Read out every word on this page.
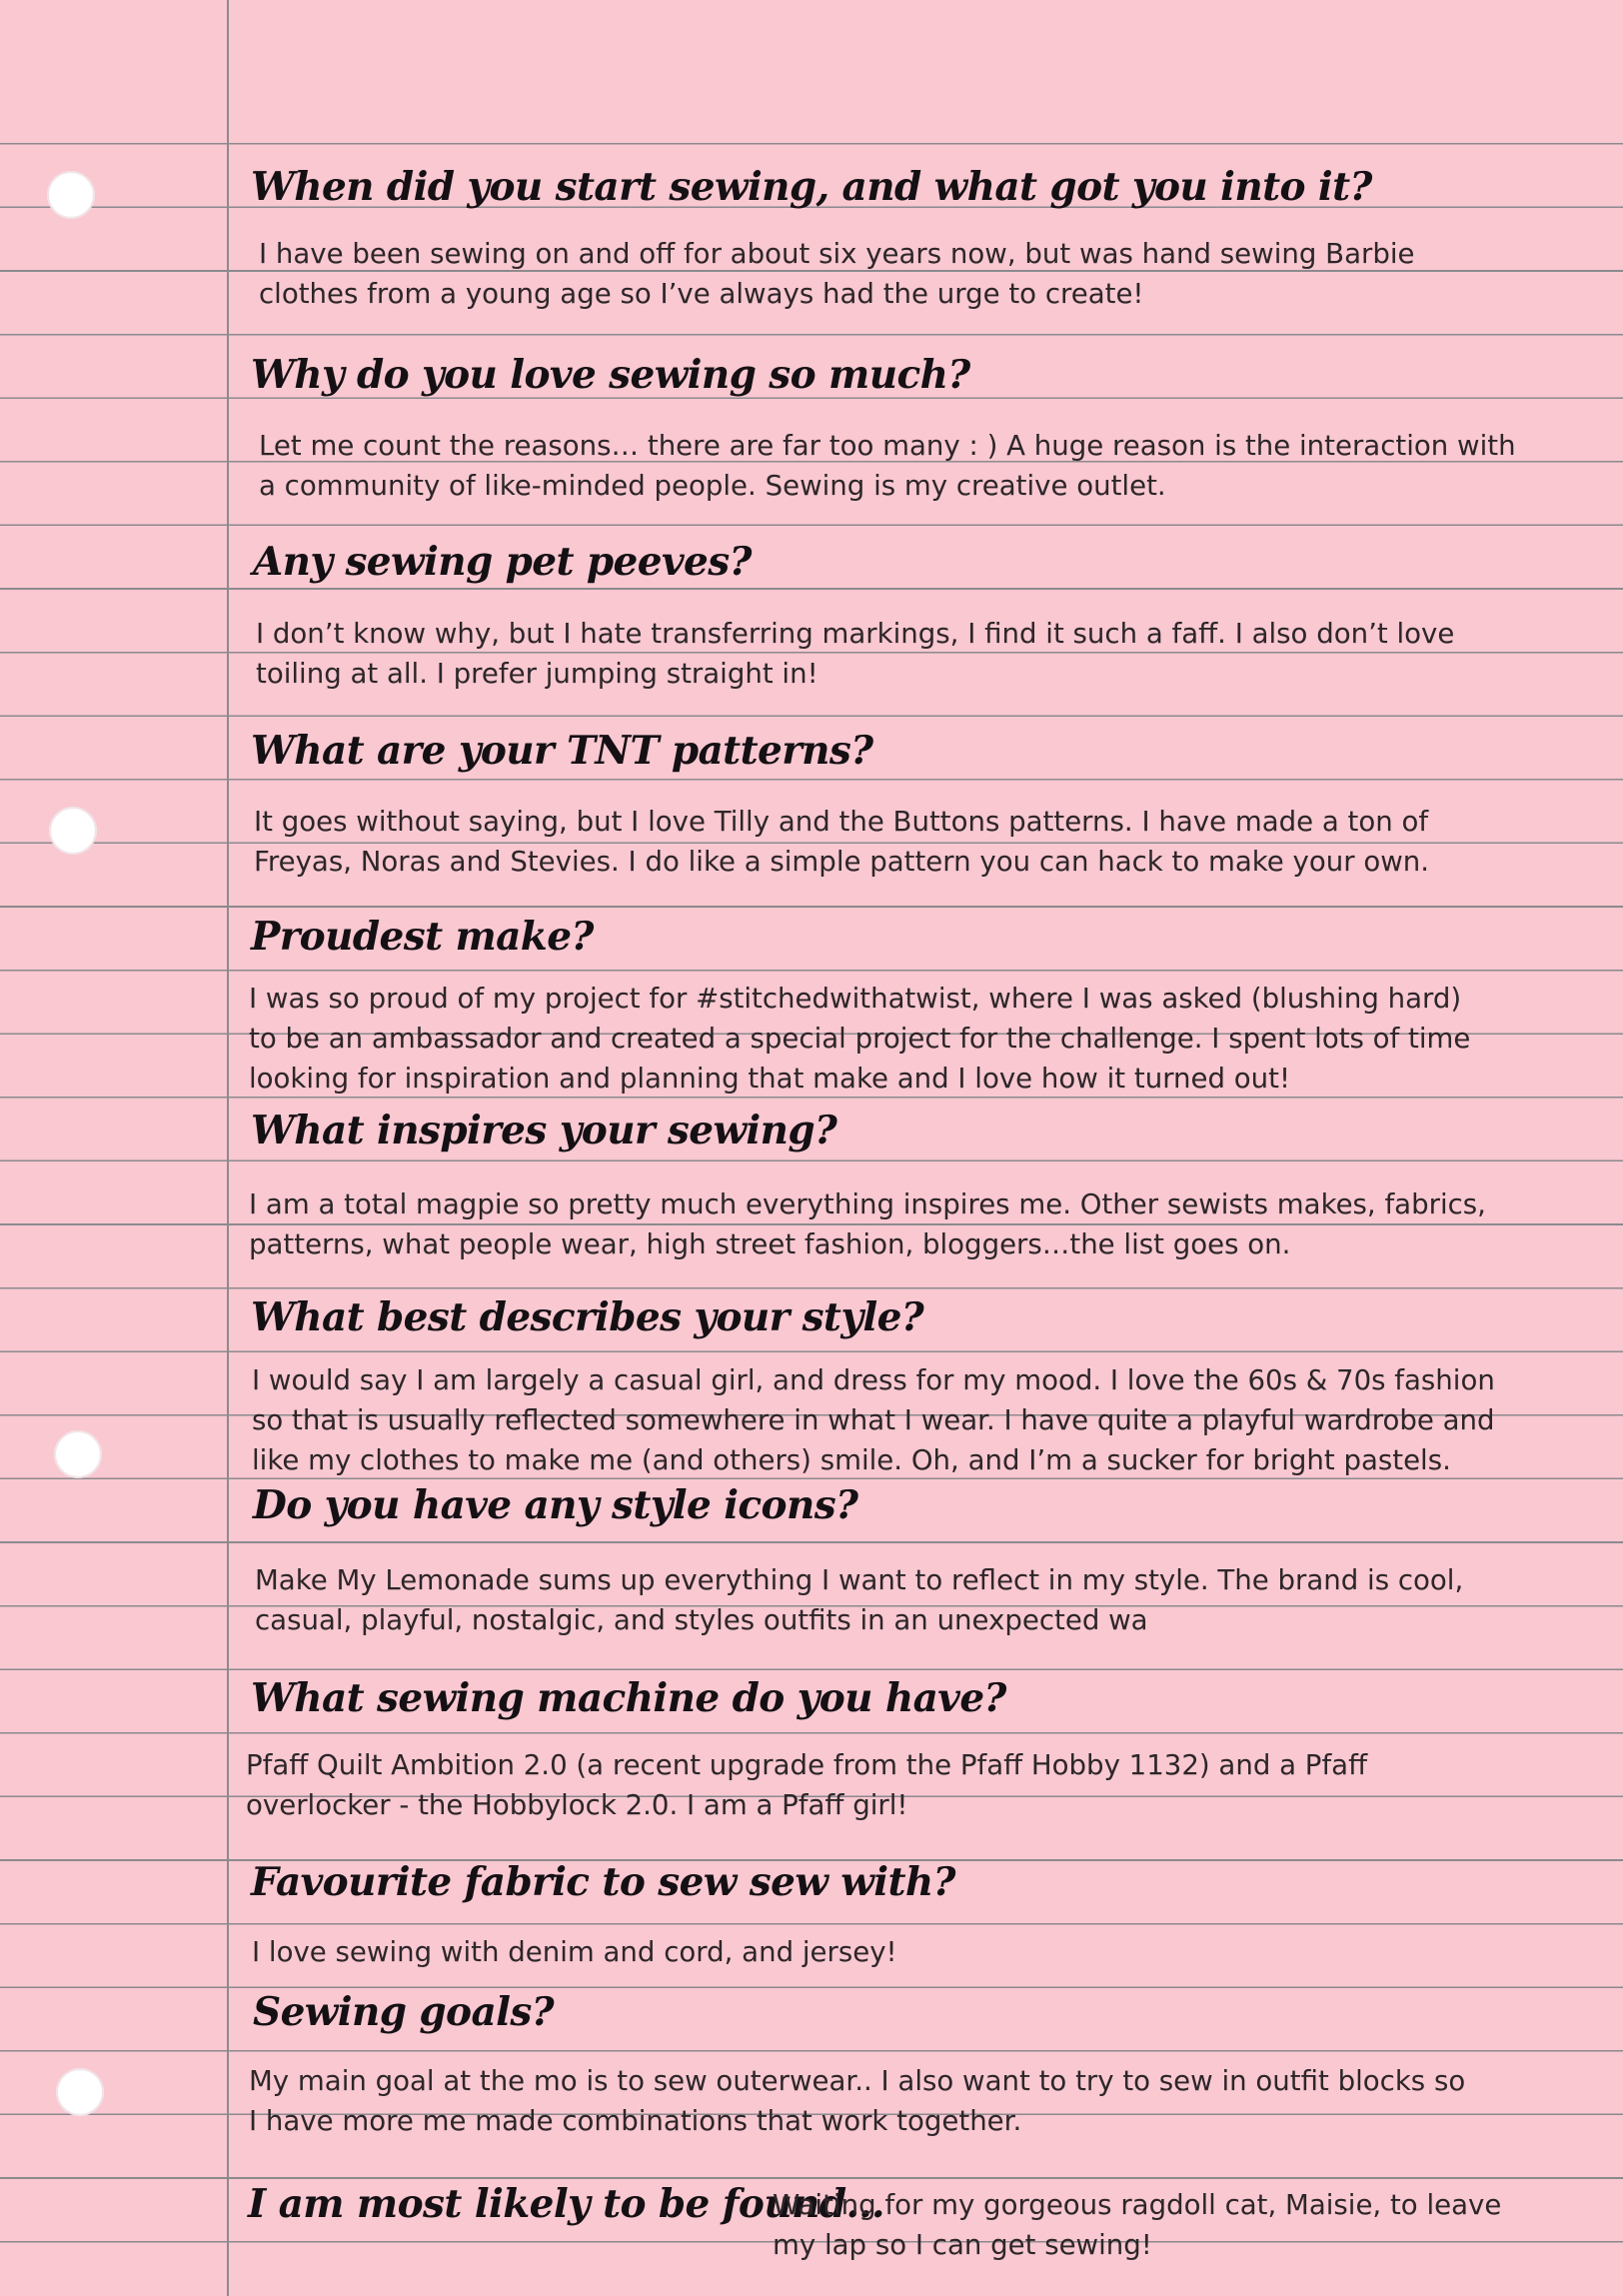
When did you start sewing, and what got you into it?

I have been sewing on and off for about six years now, but was hand sewing Barbie
clothes from a young age so I’ve always had the urge to create!

Why do you love sewing so much?

Let me count the reasons… there are far too many : ) A huge reason is the interaction with
a community of like-minded people. Sewing is my creative outlet.

Any sewing pet peeves?

I don’t know why, but I hate transferring markings, I find it such a faff. I also don’t love
toiling at all. I prefer jumping straight in!

What are your TNT patterns?

It goes without saying, but I love Tilly and the Buttons patterns. I have made a ton of
Freyas, Noras and Stevies. I do like a simple pattern you can hack to make your own.

Proudest make?

I was so proud of my project for #stitchedwithatwist, where I was asked (blushing hard)
to be an ambassador and created a special project for the challenge. I spent lots of time
looking for inspiration and planning that make and I love how it turned out!

What inspires your sewing?

I am a total magpie so pretty much everything inspires me. Other sewists makes, fabrics,
patterns, what people wear, high street fashion, bloggers…the list goes on.

What best describes your style?

I would say I am largely a casual girl, and dress for my mood. I love the 60s & 70s fashion
so that is usually reflected somewhere in what I wear. I have quite a playful wardrobe and
like my clothes to make me (and others) smile. Oh, and I’m a sucker for bright pastels.

Do you have any style icons?

Make My Lemonade sums up everything I want to reflect in my style. The brand is cool,
casual, playful, nostalgic, and styles outfits in an unexpected wa

What sewing machine do you have?

Pfaff Quilt Ambition 2.0 (a recent upgrade from the Pfaff Hobby 1132) and a Pfaff
overlocker - the Hobbylock 2.0. I am a Pfaff girl!

Favourite fabric to sew sew with?

I love sewing with denim and cord, and jersey!

Sewing goals?

My main goal at the mo is to sew outerwear.. I also want to try to sew in outfit blocks so
I have more me made combinations that work together.

I am most likely to be found…

Waiting for my gorgeous ragdoll cat, Maisie, to leave
my lap so I can get sewing!
